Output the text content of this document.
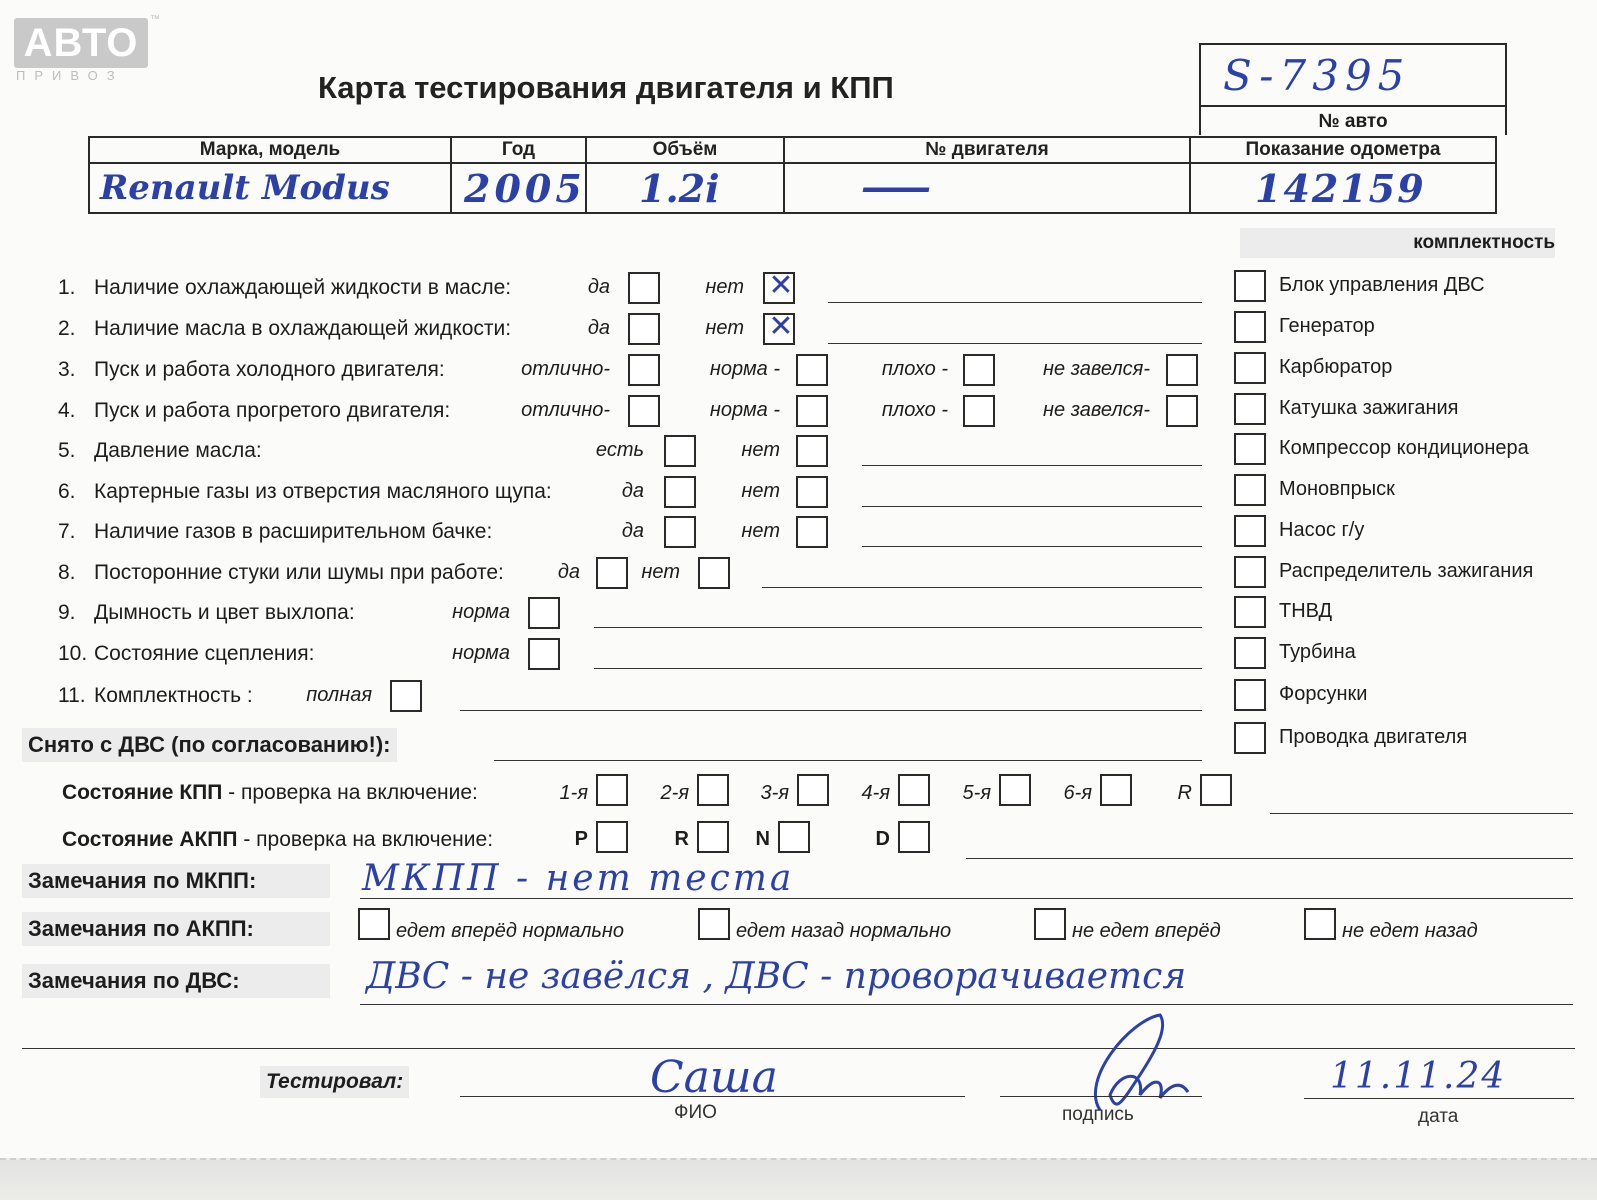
АВТО
™
ПРИВОЗ	Карта тестирования двигателя и КПП	S-7395
№ авто
Марка, модель	Год	Объём	№ двигателя	Показание одометра

Renault Modus	2005	1.2i	——	142159
комплектность
Блок управления ДВС
Генератор
Карбюратор
Катушка зажигания
Компрессор кондиционера
Моновпрыск
Насос г/у
Распределитель зажигания
ТНВД
Турбина
Форсунки
Проводка двигателя
1. Наличие охлаждающей жидкости в масле:	да	нет ✕
2. Наличие масла в охлаждающей жидкости:	да	нет ✕
3. Пуск и работа холодного двигателя:	отлично-	норма -	плохо -	не завелся-
4. Пуск и работа прогретого двигателя:	отлично-	норма -	плохо -	не завелся-
5. Давление масла:	есть	нет
6. Картерные газы из отверстия масляного щупа:	да	нет
7. Наличие газов в расширительном бачке:	да	нет
8. Посторонние стуки или шумы при работе:	да	нет
9. Дымность и цвет выхлопа:	норма
10. Состояние сцепления:	норма
11. Комплектность :	полная
Снято с ДВС (по согласованию!):
Состояние КПП - проверка на включение:	1-я	2-я	3-я	4-я	5-я	6-я	R
Состояние АКПП - проверка на включение:	P	R	N	D
Замечания по МКПП:	МКПП - нет теста
Замечания по АКПП:	едет вперёд нормально	едет назад нормально	не едет вперёд	не едет назад
Замечания по ДВС:	ДВС - не завёлся , ДВС - проворачивается
Тестировал:	Саша
ФИО	подпись
11.11.24
дата
